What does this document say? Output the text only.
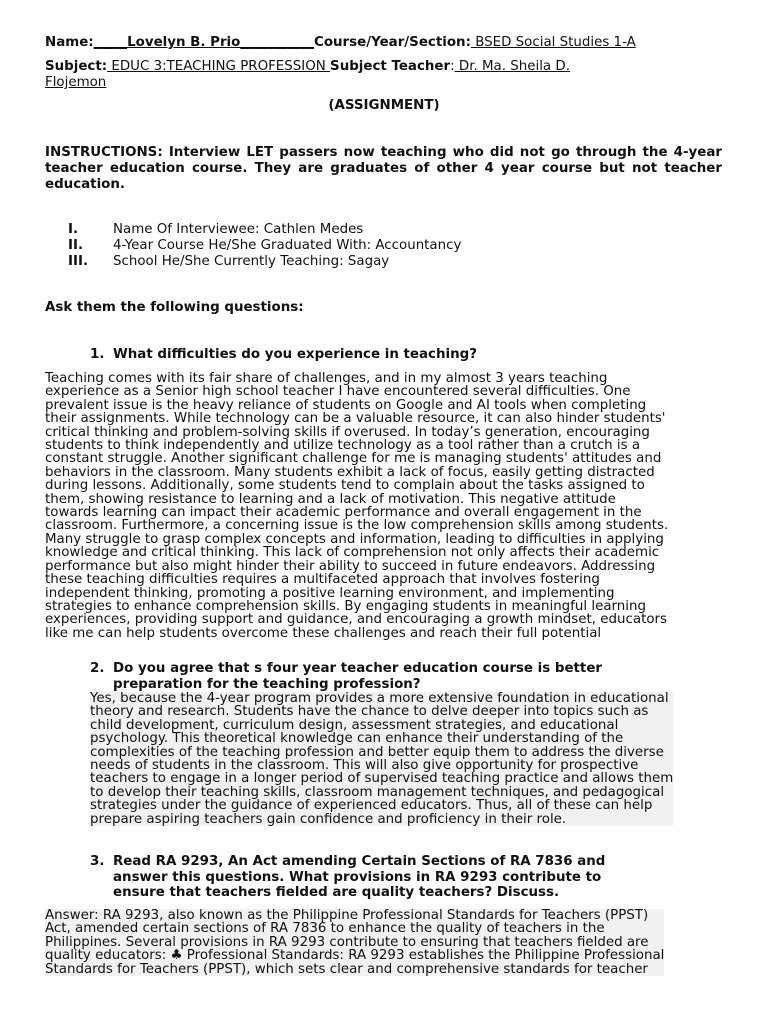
Name:_____Lovelyn B. Prio___________Course/Year/Section: BSED Social Studies 1-A
Subject: EDUC 3:TEACHING PROFESSION Subject Teacher: Dr. Ma. Sheila D.
Flojemon
(ASSIGNMENT)
INSTRUCTIONS: Interview LET passers now teaching who did not go through the 4-year teacher education course. They are graduates of other 4 year course but not teacher education.
I.	Name Of Interviewee: Cathlen Medes
II. 4-Year Course He/She Graduated With: Accountancy
III. School He/She Currently Teaching: Sagay
Ask them the following questions:
1. What difficulties do you experience in teaching?
Teaching comes with its fair share of challenges, and in my almost 3 years teaching
experience as a Senior high school teacher I have encountered several difficulties. One
prevalent issue is the heavy reliance of students on Google and AI tools when completing
their assignments. While technology can be a valuable resource, it can also hinder students'
critical thinking and problem-solving skills if overused. In today’s generation, encouraging
students to think independently and utilize technology as a tool rather than a crutch is a
constant struggle. Another significant challenge for me is managing students' attitudes and
behaviors in the classroom. Many students exhibit a lack of focus, easily getting distracted
during lessons. Additionally, some students tend to complain about the tasks assigned to
them, showing resistance to learning and a lack of motivation. This negative attitude
towards learning can impact their academic performance and overall engagement in the
classroom. Furthermore, a concerning issue is the low comprehension skills among students.
Many struggle to grasp complex concepts and information, leading to difficulties in applying
knowledge and critical thinking. This lack of comprehension not only affects their academic
performance but also might hinder their ability to succeed in future endeavors. Addressing
these teaching difficulties requires a multifaceted approach that involves fostering
independent thinking, promoting a positive learning environment, and implementing
strategies to enhance comprehension skills. By engaging students in meaningful learning
experiences, providing support and guidance, and encouraging a growth mindset, educators
like me can help students overcome these challenges and reach their full potential
2. Do you agree that s four year teacher education course is better
preparation for the teaching profession?
Yes, because the 4-year program provides a more extensive foundation in educational
theory and research. Students have the chance to delve deeper into topics such as
child development, curriculum design, assessment strategies, and educational
psychology. This theoretical knowledge can enhance their understanding of the
complexities of the teaching profession and better equip them to address the diverse
needs of students in the classroom. This will also give opportunity for prospective
teachers to engage in a longer period of supervised teaching practice and allows them
to develop their teaching skills, classroom management techniques, and pedagogical
strategies under the guidance of experienced educators. Thus, all of these can help
prepare aspiring teachers gain confidence and proficiency in their role.
3. Read RA 9293, An Act amending Certain Sections of RA 7836 and
answer this questions. What provisions in RA 9293 contribute to
ensure that teachers fielded are quality teachers? Discuss.
Answer: RA 9293, also known as the Philippine Professional Standards for Teachers (PPST)
Act, amended certain sections of RA 7836 to enhance the quality of teachers in the
Philippines. Several provisions in RA 9293 contribute to ensuring that teachers fielded are
quality educators: ♣ Professional Standards: RA 9293 establishes the Philippine Professional
Standards for Teachers (PPST), which sets clear and comprehensive standards for teacher
